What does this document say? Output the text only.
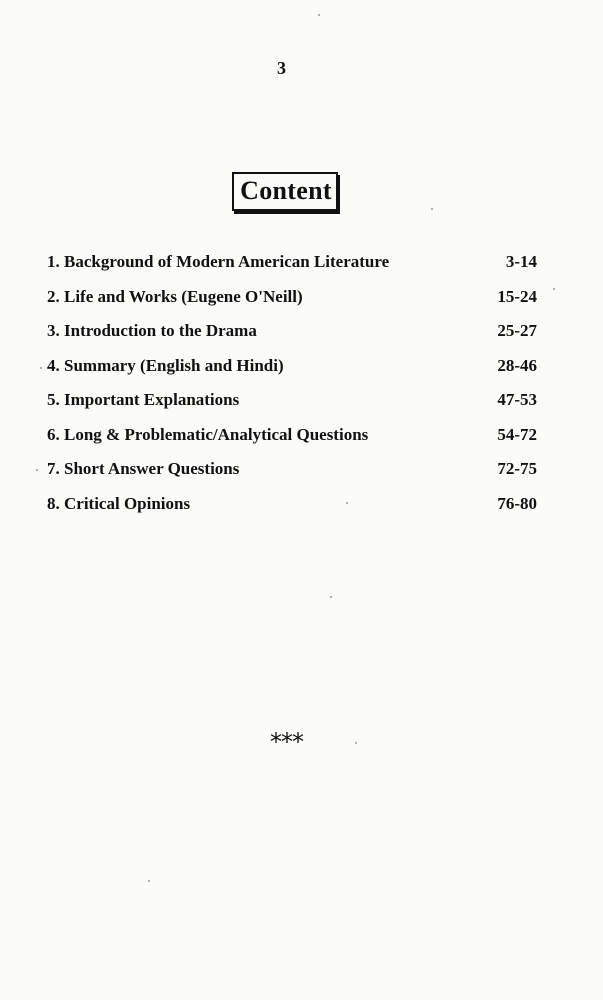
3
Content
1. Background of Modern American Literature	3-14
2. Life and Works (Eugene O'Neill)	15-24
3. Introduction to the Drama	25-27
4. Summary (English and Hindi)	28-46
5. Important Explanations	47-53
6. Long & Problematic/Analytical Questions	54-72
7. Short Answer Questions	72-75
8. Critical Opinions	76-80
***
